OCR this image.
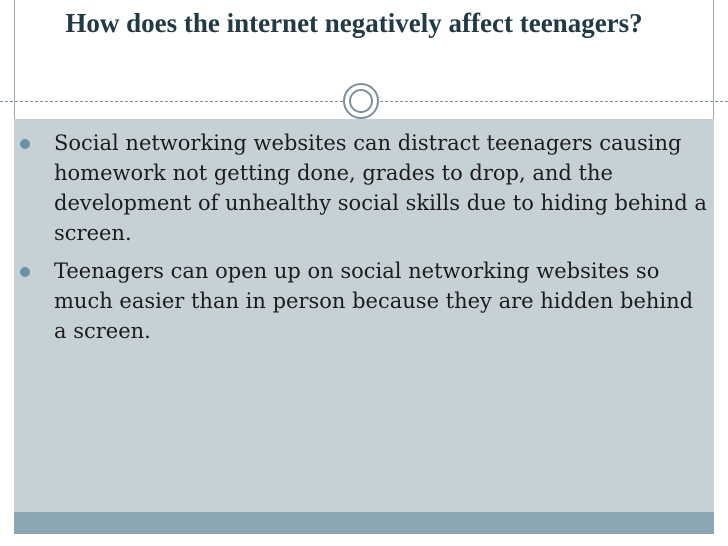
How does the internet negatively affect teenagers?
Social networking websites can distract teenagers causing homework not getting done, grades to drop, and the development of unhealthy social skills due to hiding behind a screen.
Teenagers can open up on social networking websites so much easier than in person because they are hidden behind a screen.
